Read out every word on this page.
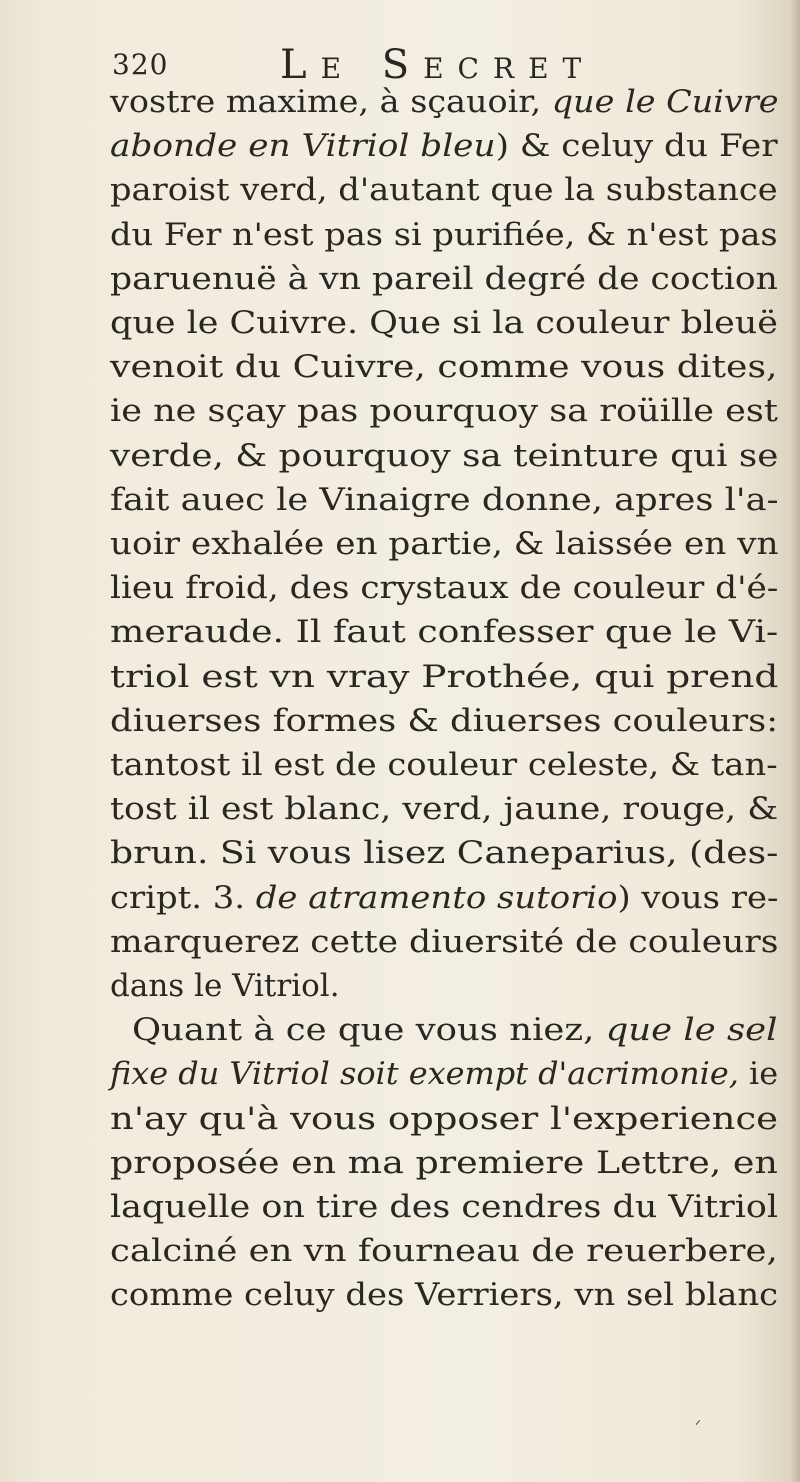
320	Le Secret
vostre maxime, à sçauoir, que le Cuivre
abonde en Vitriol bleu) & celuy du Fer
paroist verd, d'autant que la substance
du Fer n'est pas si purifiée, & n'est pas
paruenuë à vn pareil degré de coction
que le Cuivre. Que si la couleur bleuë
venoit du Cuivre, comme vous dites,
ie ne sçay pas pourquoy sa roüille est
verde, & pourquoy sa teinture qui se
fait auec le Vinaigre donne, apres l'a-
uoir exhalée en partie, & laissée en vn
lieu froid, des crystaux de couleur d'é-
meraude. Il faut confesser que le Vi-
triol est vn vray Prothée, qui prend
diuerses formes & diuerses couleurs:
tantost il est de couleur celeste, & tan-
tost il est blanc, verd, jaune, rouge, &
brun. Si vous lisez Caneparius, (des-
cript. 3. de atramento sutorio) vous re-
marquerez cette diuersité de couleurs
dans le Vitriol.
Quant à ce que vous niez, que le sel
fixe du Vitriol soit exempt d'acrimonie, ie
n'ay qu'à vous opposer l'experience
proposée en ma premiere Lettre, en
laquelle on tire des cendres du Vitriol
calciné en vn fourneau de reuerbere,
comme celuy des Verriers, vn sel blanc
ᐟ
